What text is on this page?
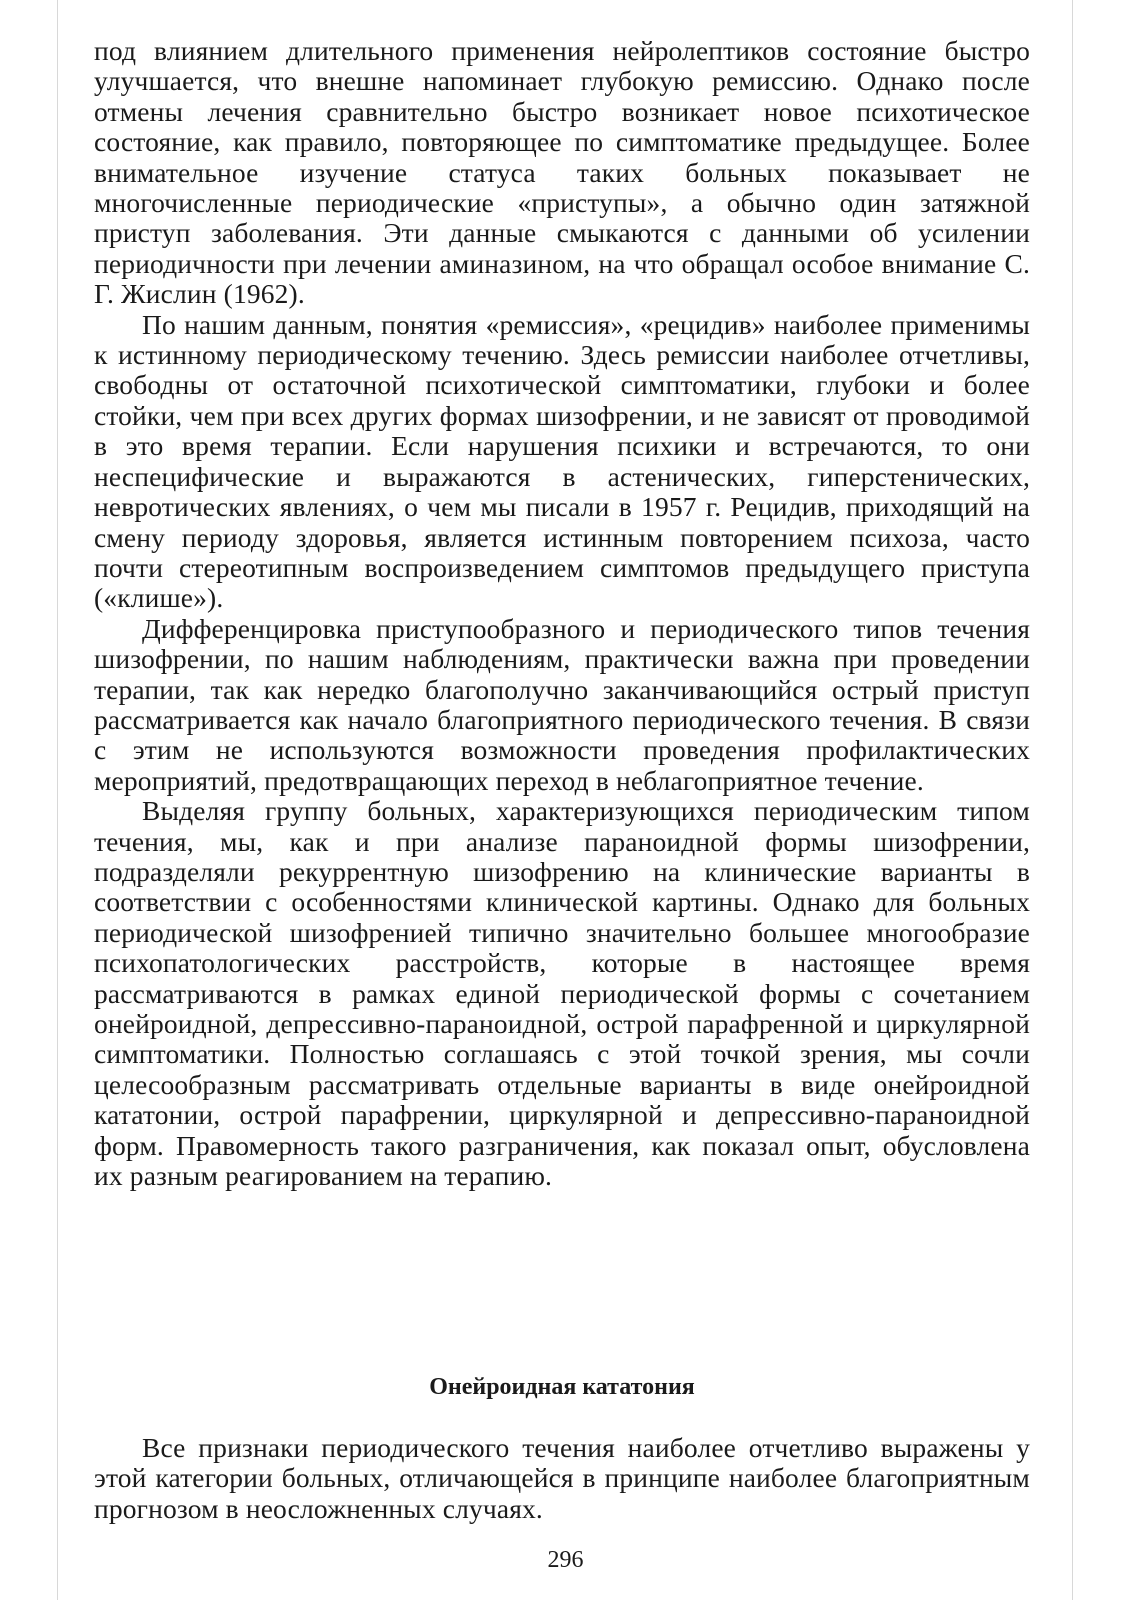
под влиянием длительного применения нейролептиков состояние быстро улучшается, что внешне напоминает глубокую ремиссию. Однако после отмены лечения сравнительно быстро возникает новое психотическое состояние, как правило, повторяющее по симптоматике предыдущее. Более внимательное изучение статуса таких больных показывает не многочисленные периодические «приступы», а обычно один затяжной приступ заболевания. Эти данные смыкаются с данными об усилении периодичности при лечении аминазином, на что обращал особое внимание С. Г. Жислин (1962).

По нашим данным, понятия «ремиссия», «рецидив» наиболее применимы к истинному периодическому течению. Здесь ремиссии наиболее отчетливы, свободны от остаточной психотической симптоматики, глубоки и более стойки, чем при всех других формах шизофрении, и не зависят от проводимой в это время терапии. Если нарушения психики и встречаются, то они неспецифические и выражаются в астенических, гиперстенических, невротических явлениях, о чем мы писали в 1957 г. Рецидив, приходящий на смену периоду здоровья, является истинным повторением психоза, часто почти стереотипным воспроизведением симптомов предыдущего приступа («клише»).

Дифференцировка приступообразного и периодического типов течения шизофрении, по нашим наблюдениям, практически важна при проведении терапии, так как нередко благополучно заканчивающийся острый приступ рассматривается как начало благоприятного периодического течения. В связи с этим не используются возможности проведения профилактических мероприятий, предотвращающих переход в неблагоприятное течение.

Выделяя группу больных, характеризующихся периодическим типом течения, мы, как и при анализе параноидной формы шизофрении, подразделяли рекуррентную шизофрению на клинические варианты в соответствии с особенностями клинической картины. Однако для больных периодической шизофренией типично значительно большее многообразие психопатологических расстройств, которые в настоящее время рассматриваются в рамках единой периодической формы с сочетанием онейроидной, депрессивно-параноидной, острой парафренной и циркулярной симптоматики. Полностью соглашаясь с этой точкой зрения, мы сочли целесообразным рассматривать отдельные варианты в виде онейроидной кататонии, острой парафрении, циркулярной и депрессивно-параноидной форм. Правомерность такого разграничения, как показал опыт, обусловлена их разным реагированием на терапию.

Онейроидная кататония

Все признаки периодического течения наиболее отчетливо выражены у этой категории больных, отличающейся в принципе наиболее благоприятным прогнозом в неосложненных случаях.

296
